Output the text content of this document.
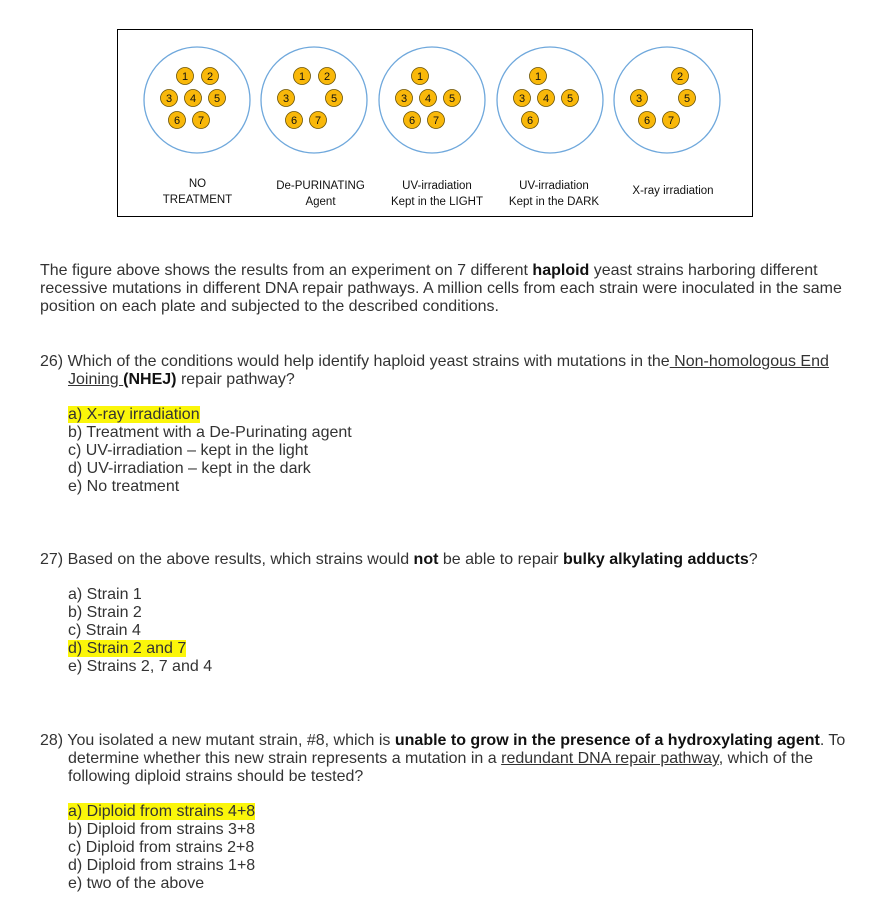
1 2
3 4 5
6 7
1 2
3	5
6 7
1
3 4 5
6 7
1
3 4 5
6
2
3	5
6 7
NO
TREATMENT
De-PURINATING
Agent
UV-irradiation
Kept in the LIGHT
UV-irradiation
Kept in the DARK
X-ray irradiation
The figure above shows the results from an experiment on 7 different haploid yeast strains harboring different recessive mutations in different DNA repair pathways. A million cells from each strain were inoculated in the same position on each plate and subjected to the described conditions.
26) Which of the conditions would help identify haploid yeast strains with mutations in the Non-homologous End Joining (NHEJ) repair pathway?
a) X-ray irradiation
b) Treatment with a De-Purinating agent
c) UV-irradiation – kept in the light
d) UV-irradiation – kept in the dark
e) No treatment
27) Based on the above results, which strains would not be able to repair bulky alkylating adducts?
a) Strain 1
b) Strain 2
c) Strain 4
d) Strain 2 and 7
e) Strains 2, 7 and 4
28) You isolated a new mutant strain, #8, which is unable to grow in the presence of a hydroxylating agent. To determine whether this new strain represents a mutation in a redundant DNA repair pathway, which of the following diploid strains should be tested?
a) Diploid from strains 4+8
b) Diploid from strains 3+8
c) Diploid from strains 2+8
d) Diploid from strains 1+8
e) two of the above
